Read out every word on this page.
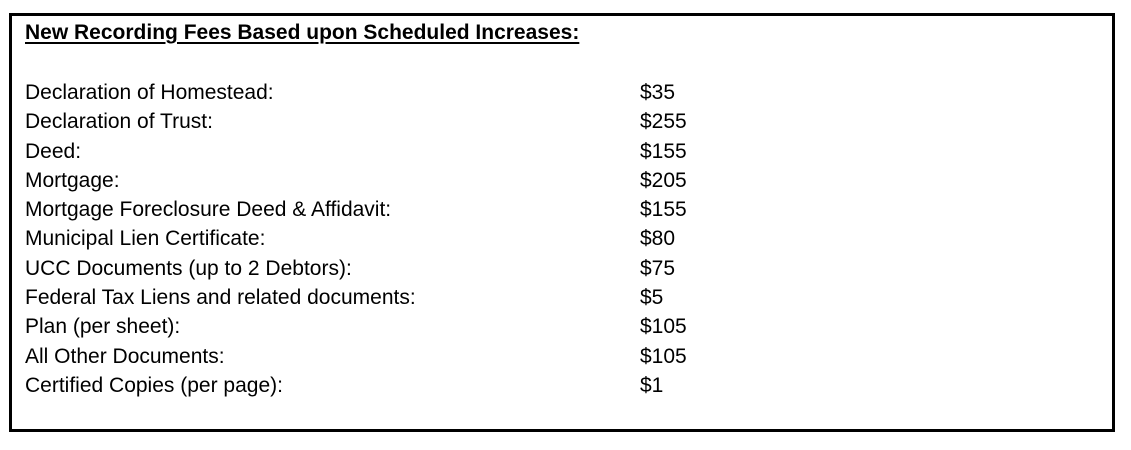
New Recording Fees Based upon Scheduled Increases:
Declaration of Homestead:	$35
Declaration of Trust:	$255
Deed:	$155
Mortgage:	$205
Mortgage Foreclosure Deed & Affidavit:	$155
Municipal Lien Certificate:	$80
UCC Documents (up to 2 Debtors):	$75
Federal Tax Liens and related documents:	$5
Plan (per sheet):	$105
All Other Documents:	$105
Certified Copies (per page):	$1
